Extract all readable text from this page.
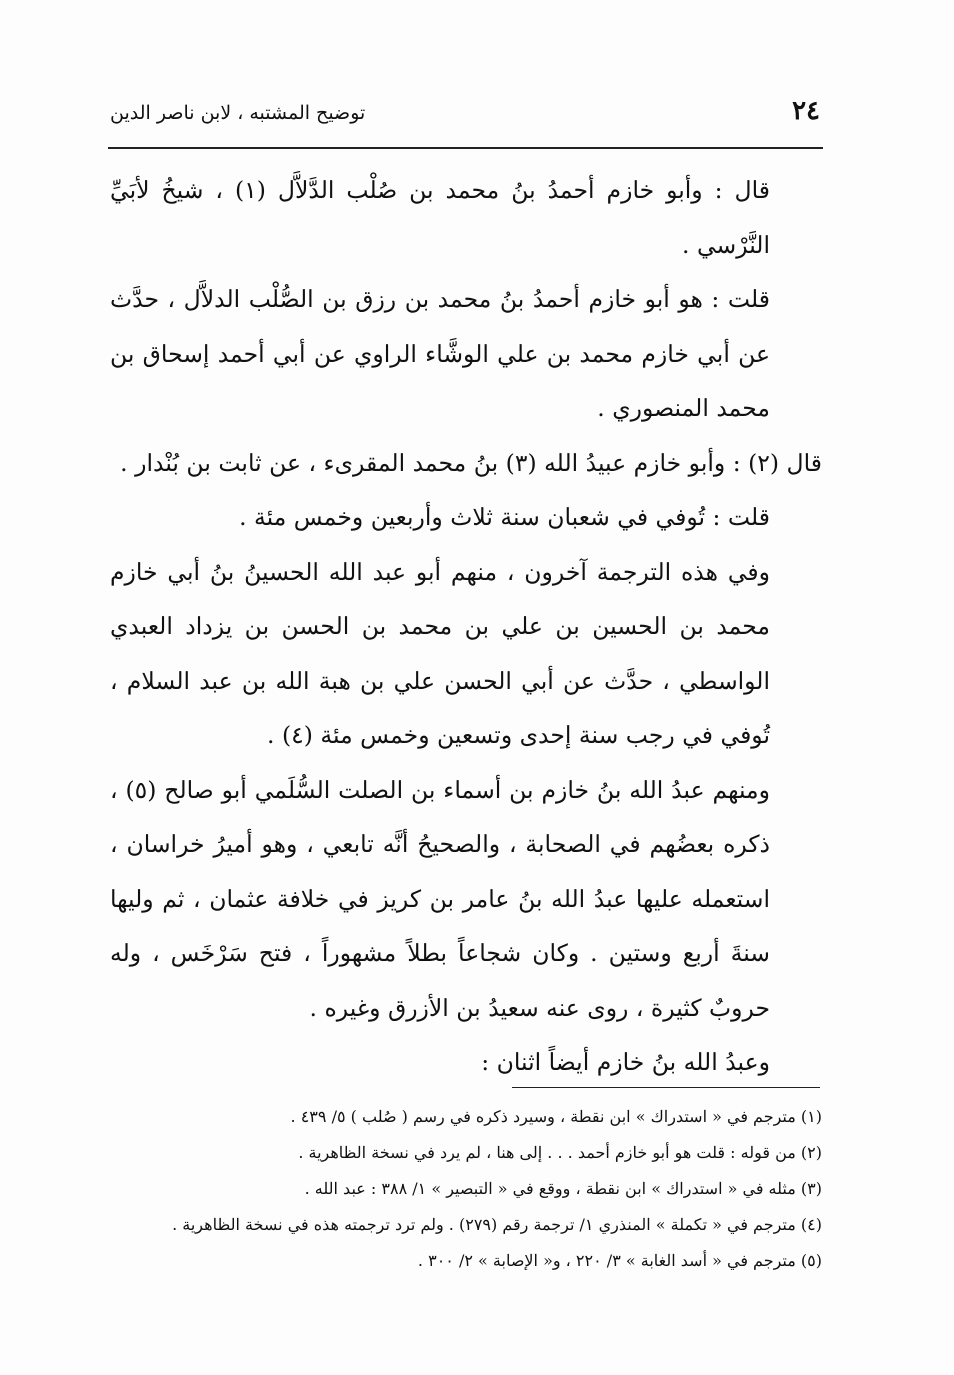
٢٤
توضيح المشتبه ، لابن ناصر الدين

قال : وأبو خازم أحمدُ بنُ محمد بن صُلْب الدَّلاَّل (١) ، شيخُ لأبَيِّ النَّرْسي .

قلت : هو أبو خازم أحمدُ بنُ محمد بن رزق بن الصُّلْب الدلاَّل ، حدَّث عن أبي خازم محمد بن علي الوشَّاء الراوي عن أبي أحمد إسحاق بن محمد المنصوري .

قال (٢) : وأبو خازم عبيدُ الله (٣) بنُ محمد المقرىء ، عن ثابت بن بُنْدار .

قلت : تُوفي في شعبان سنة ثلاث وأربعين وخمس مئة .

وفي هذه الترجمة آخرون ، منهم أبو عبد الله الحسينُ بنُ أبي خازم محمد بن الحسين بن علي بن محمد بن الحسن بن يزداد العبدي الواسطي ، حدَّث عن أبي الحسن علي بن هبة الله بن عبد السلام ، تُوفي في رجب سنة إحدى وتسعين وخمس مئة (٤) .

ومنهم عبدُ الله بنُ خازم بن أسماء بن الصلت السُّلَمي أبو صالح (٥) ، ذكره بعضُهم في الصحابة ، والصحيحُ أنَّه تابعي ، وهو أميرُ خراسان ، استعمله عليها عبدُ الله بنُ عامر بن كريز في خلافة عثمان ، ثم وليها سنةَ أربع وستين . وكان شجاعاً بطلاً مشهوراً ، فتح سَرْخَس ، وله حروبٌ كثيرة ، روى عنه سعيدُ بن الأزرق وغيره .

وعبدُ الله بنُ خازم أيضاً اثنان :

(١) مترجم في « استدراك » ابن نقطة ، وسيرد ذكره في رسم ( صُلب ) ٥/ ٤٣٩ .

(٢) من قوله : قلت هو أبو خازم أحمد . . . إلى هنا ، لم يرد في نسخة الظاهرية .

(٣) مثله في « استدراك » ابن نقطة ، ووقع في « التبصير » ١/ ٣٨٨ : عبد الله .

(٤) مترجم في « تكملة » المنذري ١/ ترجمة رقم (٢٧٩) . ولم ترد ترجمته هذه في نسخة الظاهرية .

(٥) مترجم في « أسد الغابة » ٣/ ٢٢٠ ، و« الإصابة » ٢/ ٣٠٠ .
